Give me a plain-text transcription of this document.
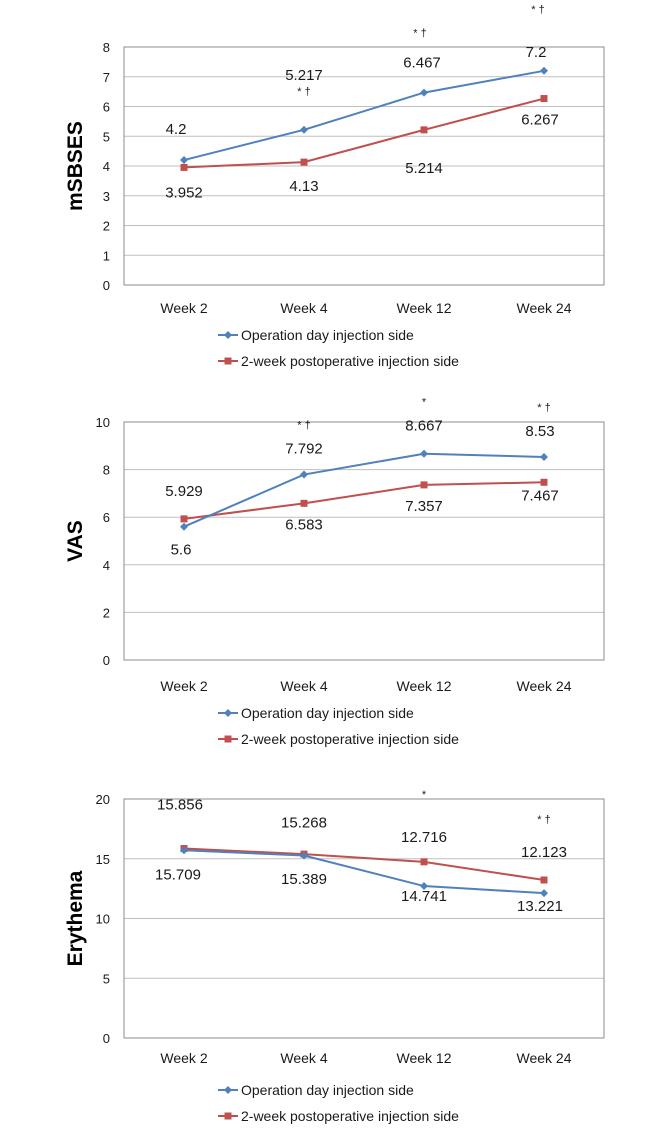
0
1
2
3
4
5
6
7
8
mSBSES
Week 2	Week 4	Week 12	Week 24
4.2
5.217
6.467
7.2
3.952	4.13
5.214
6.267
* †
* †
* †
Operation day injection side
2-week postoperative injection side
0
2
4
6
8
10
VAS
Week 2	Week 4	Week 12	Week 24
5.6
7.792
8.667	8.53
5.929
6.583
7.357
7.467
* †
*	* †
Operation day injection side
2-week postoperative injection side
0
5
10
15
20
Erythema
Week 2	Week 4	Week 12	Week 24
15.709
15.268
12.716
12.123
15.856
15.389
14.741
13.221
*
* †
Operation day injection side
2-week postoperative injection side
